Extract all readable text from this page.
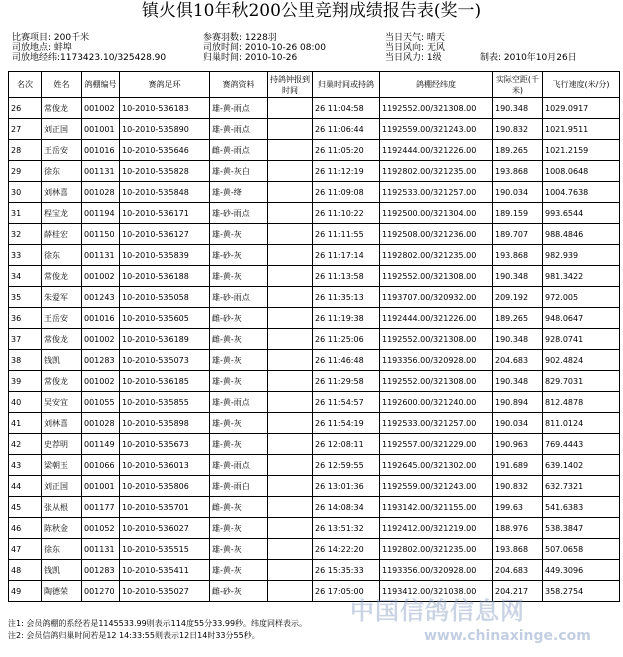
镇火俱10年秋200公里竞翔成绩报告表(奖一)
比赛项目: 200千米
司放地点: 蚌埠
司放地经纬:1173423.10/325428.90
参赛羽数: 1228羽
司放时间: 2010-10-26 08:00
归巢时间: 2010-10-26
当日天气: 晴天
当日风向: 无风
当日风力: 1级	制表: 2010年10月26日
名次	姓名	鸽棚编号	赛鸽足环	赛鸽资料	持鸽钟报到时间	归巢时间或持鸽	鸽棚经纬度	实际空距(千米)	飞行速度(米/分)
26	常俊龙	001002	10-2010-536183	雄-黄-雨点		26 11:04:58	1192552.00/321308.00	190.348	1029.0917
27	刘正国	001001	10-2010-535890	雄-黄-雨点		26 11:06:44	1192559.00/321243.00	190.832	1021.9511
28	王岳安	001016	10-2010-535646	雌-黄-雨点		26 11:05:20	1192444.00/321226.00	189.265	1021.2159
29	徐东	001131	10-2010-535828	雄-黄-灰白		26 11:12:19	1192802.00/321235.00	193.868	1008.0648
30	刘林喜	001028	10-2010-535848	雄-黄-绛		26 11:09:08	1192533.00/321257.00	190.034	1004.7638
31	程宝龙	001194	10-2010-536171	雄-砂-雨点		26 11:10:22	1192500.00/321304.00	189.159	993.6544
32	薛桂宏	001150	10-2010-536127	雄-黄-灰		26 11:11:55	1192508.00/321236.00	189.707	988.4846
33	徐东	001131	10-2010-535839	雄-砂-灰		26 11:17:14	1192802.00/321235.00	193.868	982.939
34	常俊龙	001002	10-2010-536188	雄-黄-灰		26 11:13:58	1192552.00/321308.00	190.348	981.3422
35	朱爱军	001243	10-2010-535058	雄-砂-雨点		26 11:35:13	1193707.00/320932.00	209.192	972.005
36	王岳安	001016	10-2010-535605	雌-砂-灰		26 11:19:38	1192444.00/321226.00	189.265	948.0647
37	常俊龙	001002	10-2010-536189	雌-黄-灰		26 11:25:06	1192552.00/321308.00	190.348	928.0741
38	钱凯	001283	10-2010-535073	雄-黄-灰		26 11:46:48	1193356.00/320928.00	204.683	902.4824
39	常俊龙	001002	10-2010-536185	雄-黄-灰		26 11:29:58	1192552.00/321308.00	190.348	829.7031
40	吴安宜	001055	10-2010-535855	雄-黄-雨点		26 11:54:57	1192600.00/321240.00	190.894	812.4878
41	刘林喜	001028	10-2010-535898	雄-黄-灰		26 11:54:19	1192533.00/321257.00	190.034	811.0124
42	史荐明	001149	10-2010-535673	雄-黄-灰		26 12:08:11	1192557.00/321229.00	190.963	769.4443
43	梁朝玉	001066	10-2010-536013	雄-黄-雨点		26 12:59:55	1192645.00/321302.00	191.689	639.1402
44	刘正国	001001	10-2010-535806	雄-黄-雨白		26 13:01:36	1192559.00/321243.00	190.832	632.7321
45	张从根	001177	10-2010-535701	雌-黄-灰		26 14:08:34	1193142.00/321155.00	199.63	541.6383
46	陈秋金	001052	10-2010-536027	雄-黄-灰		26 13:51:32	1192412.00/321219.00	188.976	538.3847
47	徐东	001131	10-2010-535515	雄-黄-灰		26 14:22:20	1192802.00/321235.00	193.868	507.0658
48	钱凯	001283	10-2010-535411	雄-黄-灰		26 15:35:33	1193356.00/320928.00	204.683	449.3096
49	陶德荣	001270	10-2010-535027	雌-砂-灰		26 17:05:00	1193412.00/321038.00	204.217	358.2754
注1: 会员鸽棚的系经若是1145533.99则表示114度55分33.99秒。纬度同样表示。
注2: 会员信鸽归巢时间若是12 14:33:55则表示12日14时33分55秒。
中国信鸽信息网
www.chinaxinge.com
